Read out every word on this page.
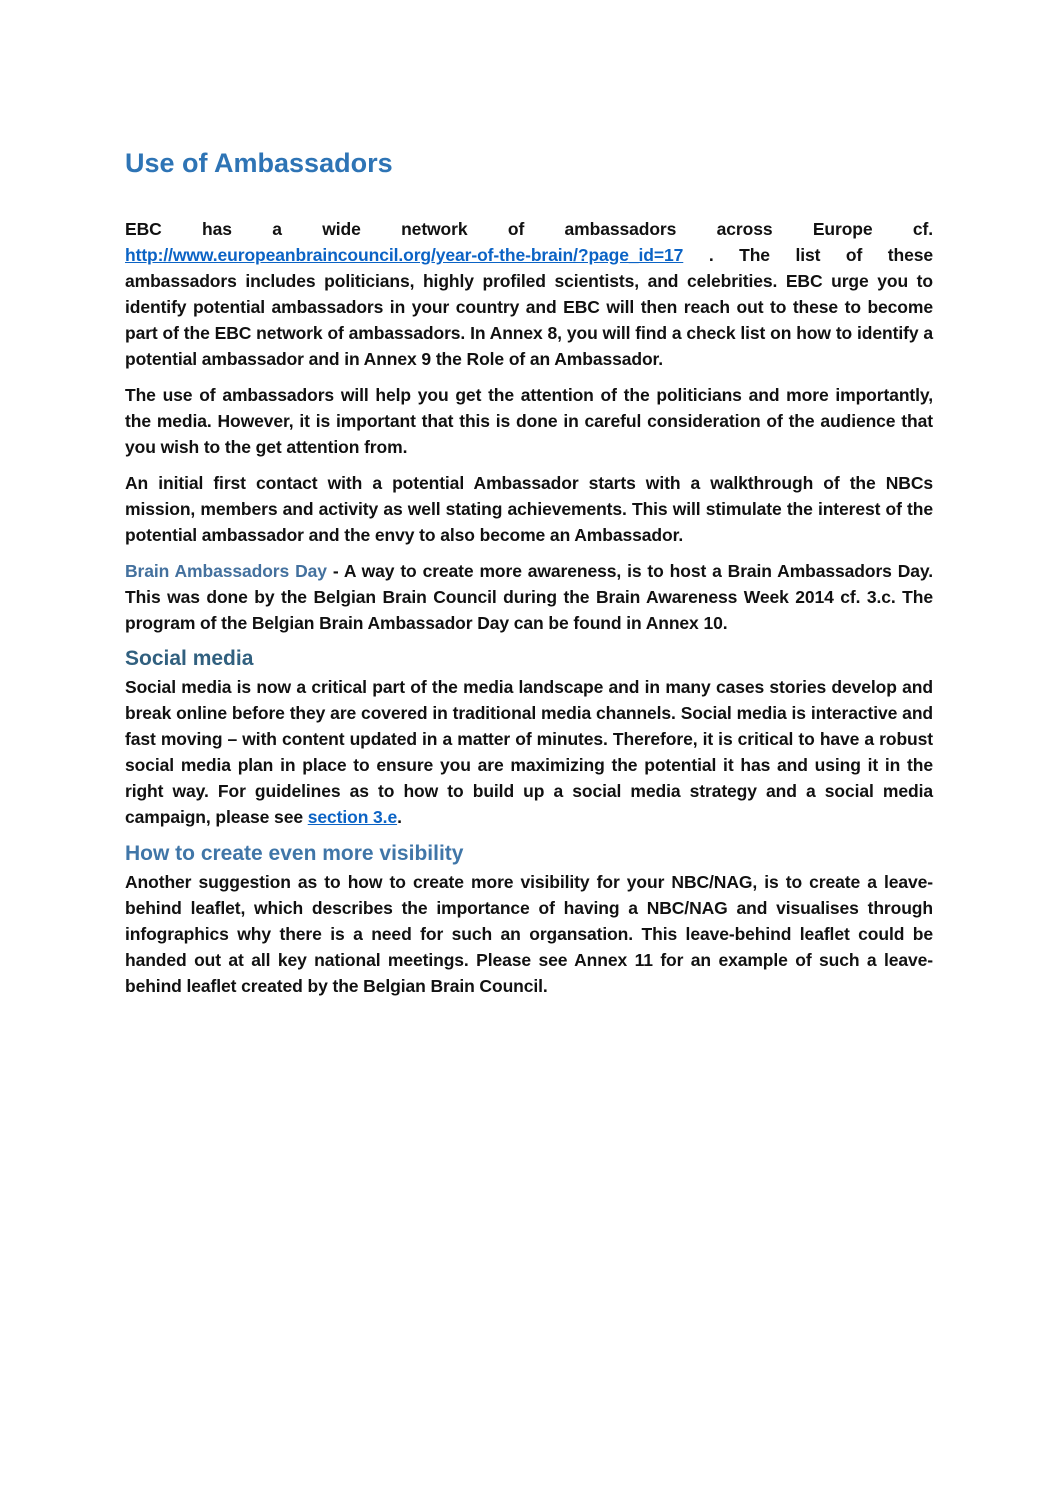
Use of Ambassadors

EBC has a wide network of ambassadors across Europe cf. http://www.europeanbraincouncil.org/year-of-the-brain/?page_id=17 . The list of these ambassadors includes politicians, highly profiled scientists, and celebrities. EBC urge you to identify potential ambassadors in your country and EBC will then reach out to these to become part of the EBC network of ambassadors. In Annex 8, you will find a check list on how to identify a potential ambassador and in Annex 9 the Role of an Ambassador.

The use of ambassadors will help you get the attention of the politicians and more importantly, the media. However, it is important that this is done in careful consideration of the audience that you wish to the get attention from.

An initial first contact with a potential Ambassador starts with a walkthrough of the NBCs mission, members and activity as well stating achievements. This will stimulate the interest of the potential ambassador and the envy to also become an Ambassador.

Brain Ambassadors Day - A way to create more awareness, is to host a Brain Ambassadors Day. This was done by the Belgian Brain Council during the Brain Awareness Week 2014 cf. 3.c. The program of the Belgian Brain Ambassador Day can be found in Annex 10.

Social media

Social media is now a critical part of the media landscape and in many cases stories develop and break online before they are covered in traditional media channels. Social media is interactive and fast moving – with content updated in a matter of minutes. Therefore, it is critical to have a robust social media plan in place to ensure you are maximizing the potential it has and using it in the right way. For guidelines as to how to build up a social media strategy and a social media campaign, please see section 3.e.

How to create even more visibility

Another suggestion as to how to create more visibility for your NBC/NAG, is to create a leave-behind leaflet, which describes the importance of having a NBC/NAG and visualises through infographics why there is a need for such an organsation. This leave-behind leaflet could be handed out at all key national meetings. Please see Annex 11 for an example of such a leave-behind leaflet created by the Belgian Brain Council.
